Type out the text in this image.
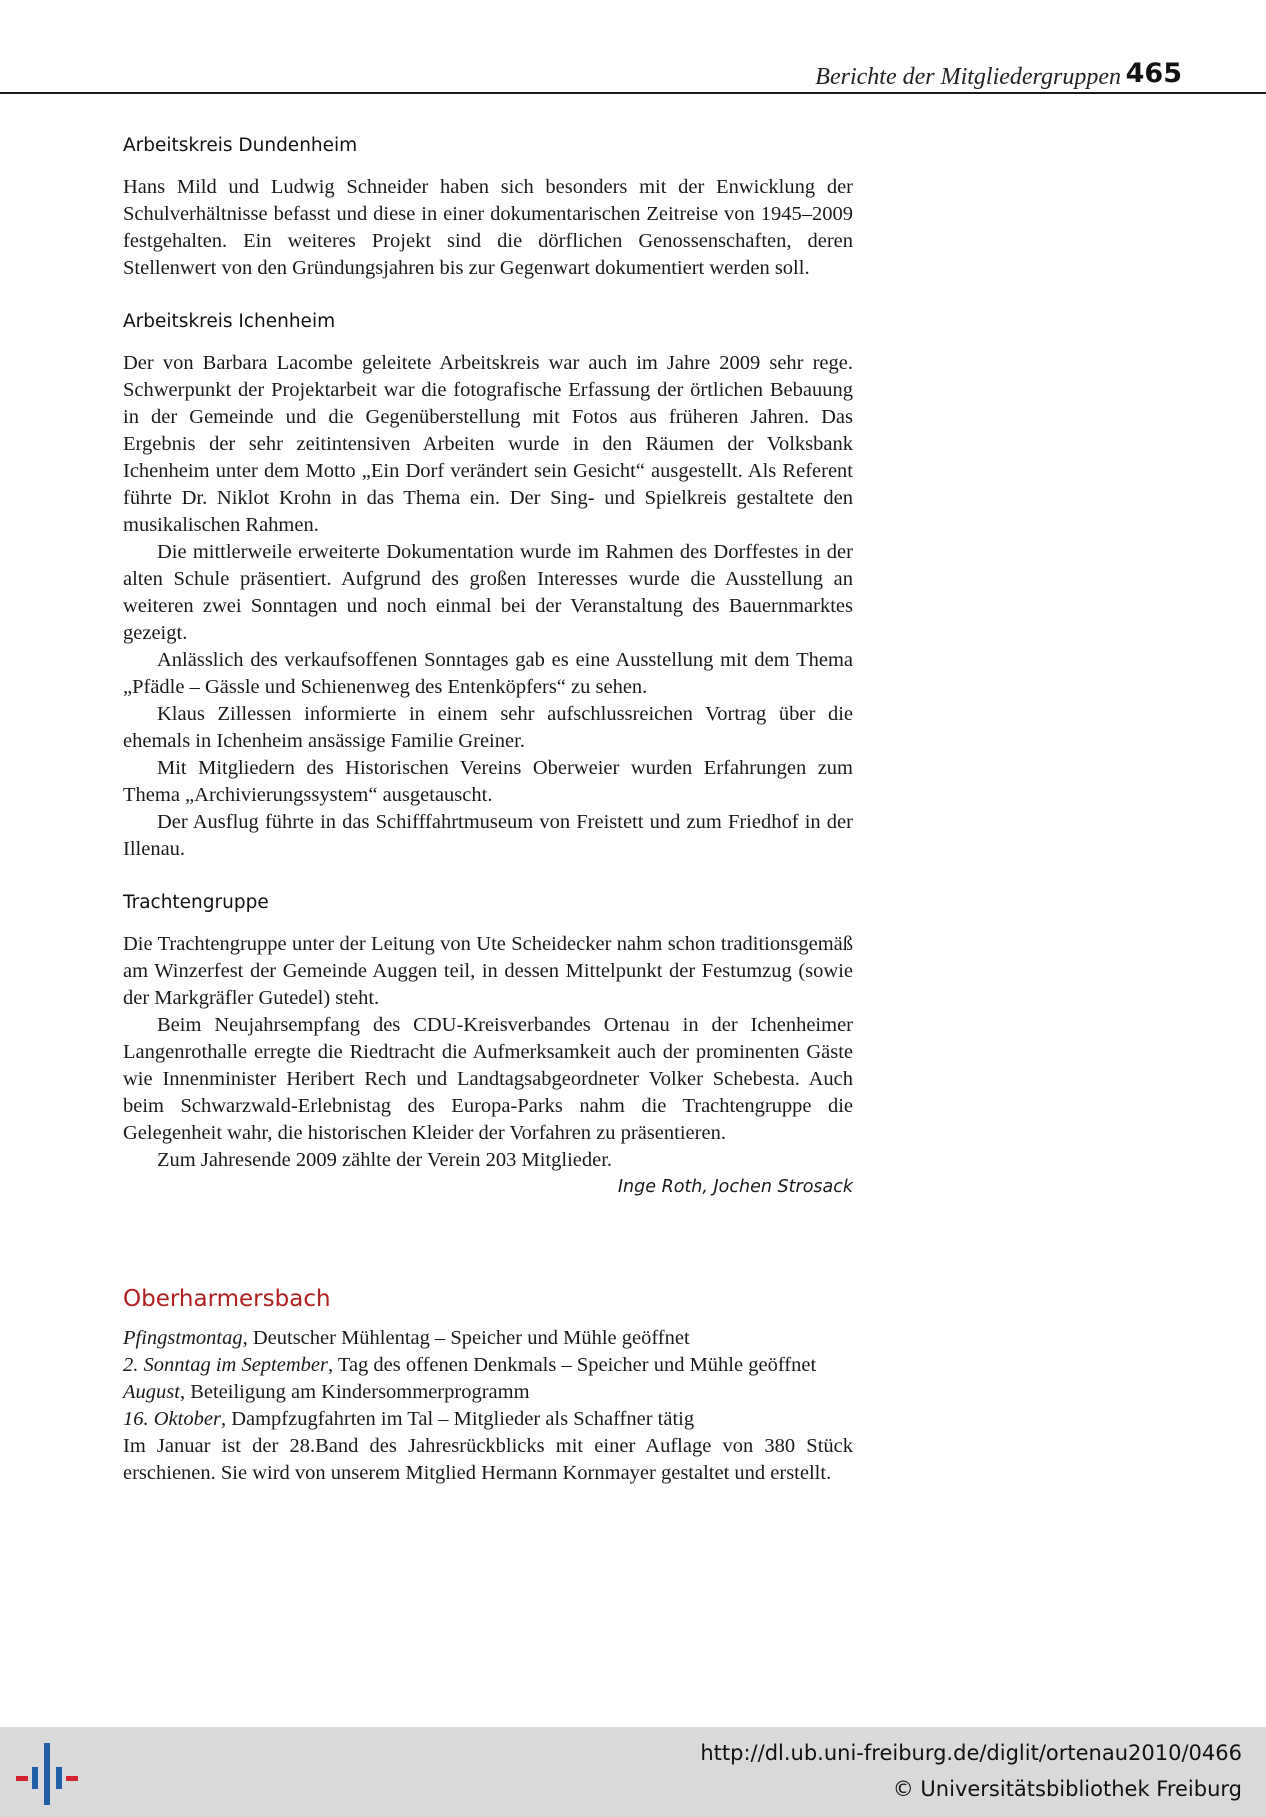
Berichte der Mitgliedergruppen 465
Arbeitskreis Dundenheim

Hans Mild und Ludwig Schneider haben sich besonders mit der Enwicklung der Schulverhältnisse befasst und diese in einer dokumentarischen Zeitreise von 1945–2009 festgehalten. Ein weiteres Projekt sind die dörflichen Genossenschaften, deren Stellenwert von den Gründungsjahren bis zur Gegenwart dokumentiert werden soll.

Arbeitskreis Ichenheim

Der von Barbara Lacombe geleitete Arbeitskreis war auch im Jahre 2009 sehr rege. Schwerpunkt der Projektarbeit war die fotografische Erfassung der örtlichen Bebauung in der Gemeinde und die Gegenüberstellung mit Fotos aus früheren Jahren. Das Ergebnis der sehr zeitintensiven Arbeiten wurde in den Räumen der Volksbank Ichenheim unter dem Motto „Ein Dorf verändert sein Gesicht“ ausgestellt. Als Referent führte Dr. Niklot Krohn in das Thema ein. Der Sing- und Spielkreis gestaltete den musikalischen Rahmen.

Die mittlerweile erweiterte Dokumentation wurde im Rahmen des Dorffestes in der alten Schule präsentiert. Aufgrund des großen Interesses wurde die Ausstellung an weiteren zwei Sonntagen und noch einmal bei der Veranstaltung des Bauernmarktes gezeigt.

Anlässlich des verkaufsoffenen Sonntages gab es eine Ausstellung mit dem Thema „Pfädle – Gässle und Schienenweg des Entenköpfers“ zu sehen.

Klaus Zillessen informierte in einem sehr aufschlussreichen Vortrag über die ehemals in Ichenheim ansässige Familie Greiner.

Mit Mitgliedern des Historischen Vereins Oberweier wurden Erfahrungen zum Thema „Archivierungssystem“ ausgetauscht.

Der Ausflug führte in das Schifffahrtmuseum von Freistett und zum Friedhof in der Illenau.

Trachtengruppe

Die Trachtengruppe unter der Leitung von Ute Scheidecker nahm schon traditionsgemäß am Winzerfest der Gemeinde Auggen teil, in dessen Mittelpunkt der Festumzug (sowie der Markgräfler Gutedel) steht.

Beim Neujahrsempfang des CDU-Kreisverbandes Ortenau in der Ichenheimer Langenrothalle erregte die Riedtracht die Aufmerksamkeit auch der prominenten Gäste wie Innenminister Heribert Rech und Landtagsabgeordneter Volker Schebesta. Auch beim Schwarzwald-Erlebnistag des Europa-Parks nahm die Trachtengruppe die Gelegenheit wahr, die historischen Kleider der Vorfahren zu präsentieren.

Zum Jahresende 2009 zählte der Verein 203 Mitglieder.

Inge Roth, Jochen Strosack
Oberharmersbach

Pfingstmontag, Deutscher Mühlentag – Speicher und Mühle geöffnet

2. Sonntag im September, Tag des offenen Denkmals – Speicher und Mühle geöffnet

August, Beteiligung am Kindersommerprogramm

16. Oktober, Dampfzugfahrten im Tal – Mitglieder als Schaffner tätig

Im Januar ist der 28.Band des Jahresrückblicks mit einer Auflage von 380 Stück erschienen. Sie wird von unserem Mitglied Hermann Kornmayer gestaltet und erstellt.

http://dl.ub.uni-freiburg.de/diglit/ortenau2010/0466
© Universitätsbibliothek Freiburg
